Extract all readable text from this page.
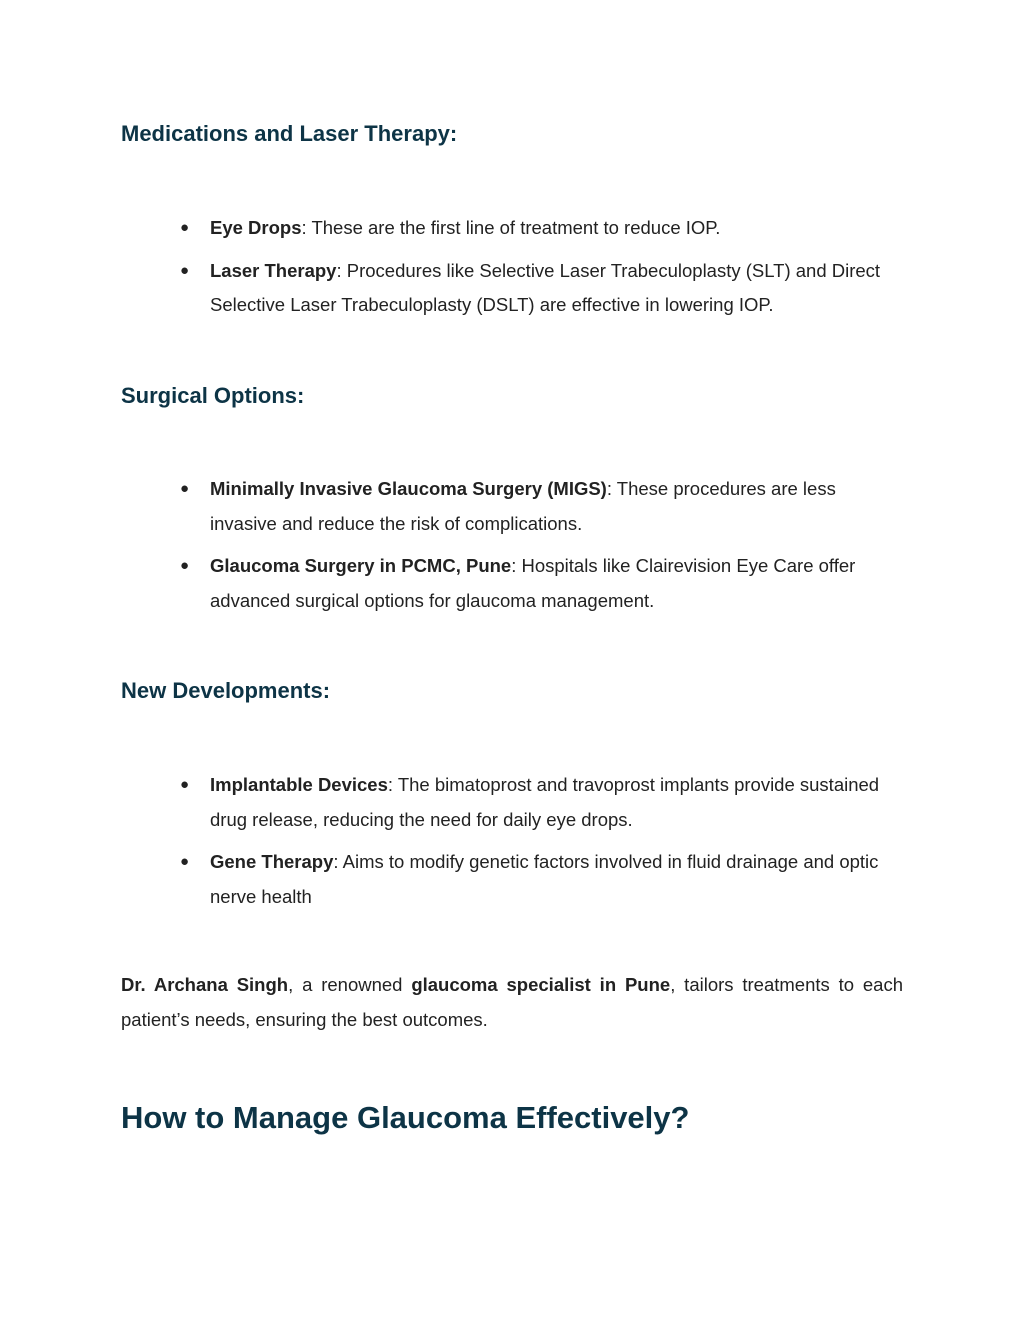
Medications and Laser Therapy:
● Eye Drops: These are the first line of treatment to reduce IOP.
● Laser Therapy: Procedures like Selective Laser Trabeculoplasty (SLT) and Direct Selective Laser Trabeculoplasty (DSLT) are effective in lowering IOP.
Surgical Options:
● Minimally Invasive Glaucoma Surgery (MIGS): These procedures are less invasive and reduce the risk of complications.
● Glaucoma Surgery in PCMC, Pune: Hospitals like Clairevision Eye Care offer advanced surgical options for glaucoma management.
New Developments:
● Implantable Devices: The bimatoprost and travoprost implants provide sustained drug release, reducing the need for daily eye drops.
● Gene Therapy: Aims to modify genetic factors involved in fluid drainage and optic nerve health

Dr. Archana Singh, a renowned glaucoma specialist in Pune, tailors treatments to each patient’s needs, ensuring the best outcomes.

How to Manage Glaucoma Effectively?
